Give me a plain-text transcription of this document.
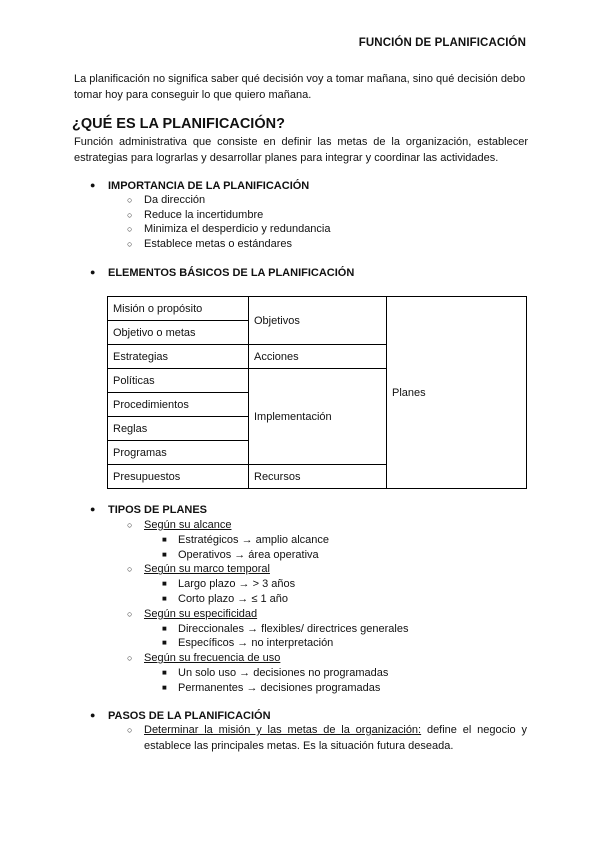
FUNCIÓN DE PLANIFICACIÓN
La planificación no significa saber qué decisión voy a tomar mañana, sino qué decisión debo tomar hoy para conseguir lo que quiero mañana.
¿QUÉ ES LA PLANIFICACIÓN?
Función administrativa que consiste en definir las metas de la organización, establecer estrategias para lograrlas y desarrollar planes para integrar y coordinar las actividades.
● IMPORTANCIA DE LA PLANIFICACIÓN
○	Da dirección
○	Reduce la incertidumbre
○	Minimiza el desperdicio y redundancia
○	Establece metas o estándares
● ELEMENTOS BÁSICOS DE LA PLANIFICACIÓN
Misión o propósito	Objetivos	Planes
Objetivo o metas		
Estrategias	Acciones	
Políticas	Implementación	
Procedimientos		
Reglas		
Programas		
Presupuestos	Recursos	
● TIPOS DE PLANES
○	Según su alcance
■	Estratégicos → amplio alcance
■	Operativos → área operativa
○	Según su marco temporal
■	Largo plazo → > 3 años
■	Corto plazo → ≤ 1 año
○	Según su especificidad
■	Direccionales → flexibles/ directrices generales
■	Específicos → no interpretación
○	Según su frecuencia de uso
■	Un solo uso → decisiones no programadas
■	Permanentes → decisiones programadas
● PASOS DE LA PLANIFICACIÓN
○	Determinar la misión y las metas de la organización: define el negocio y establece las principales metas. Es la situación futura deseada.
